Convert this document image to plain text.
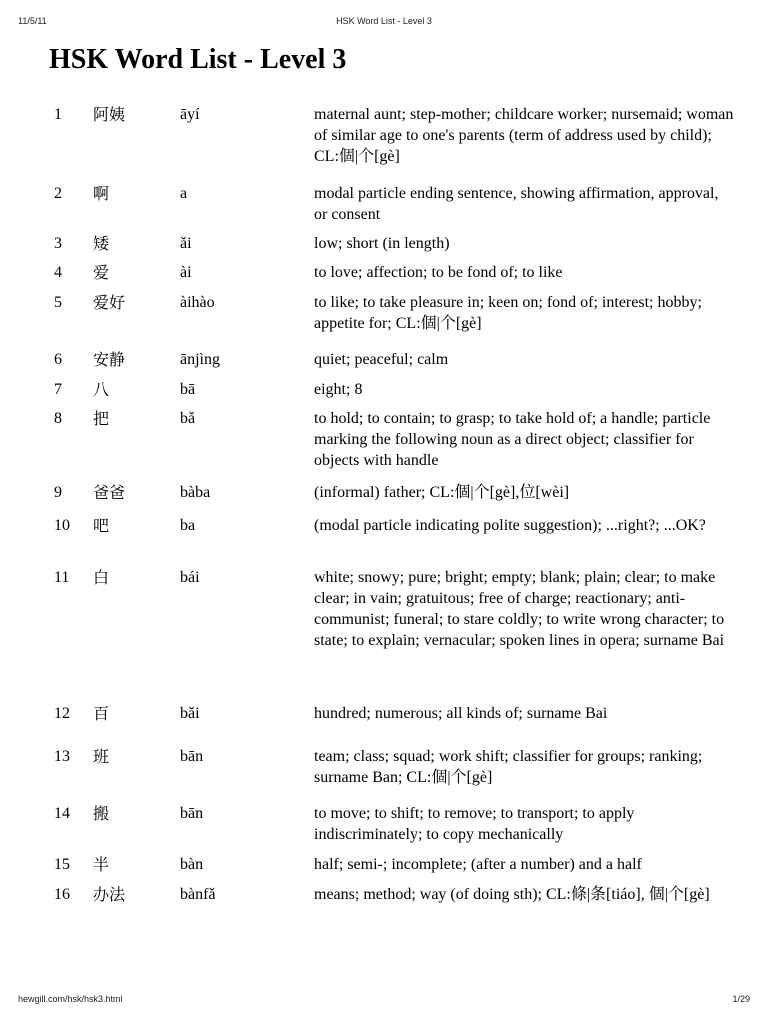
11/5/11	HSK Word List - Level 3
HSK Word List - Level 3
1 阿姨	āyí	maternal aunt; step-mother; childcare worker; nursemaid; woman of similar age to one's parents (term of address used by child); CL:個|个[gè]
2 啊	a	modal particle ending sentence, showing affirmation, approval, or consent
3 矮	ǎi	low; short (in length)
4 爱	ài	to love; affection; to be fond of; to like
5 爱好	àihào	to like; to take pleasure in; keen on; fond of; interest; hobby; appetite for; CL:個|个[gè]
6 安静	ānjìng	quiet; peaceful; calm
7 八	bā	eight; 8
8 把	bǎ	to hold; to contain; to grasp; to take hold of; a handle; particle marking the following noun as a direct object; classifier for objects with handle
9 爸爸	bàba	(informal) father; CL:個|个[gè],位[wèi]
10 吧	ba	(modal particle indicating polite suggestion); ...right?; ...OK?
11 白	bái	white; snowy; pure; bright; empty; blank; plain; clear; to make clear; in vain; gratuitous; free of charge; reactionary; anti-communist; funeral; to stare coldly; to write wrong character; to state; to explain; vernacular; spoken lines in opera; surname Bai
12 百	bǎi	hundred; numerous; all kinds of; surname Bai
13 班	bān	team; class; squad; work shift; classifier for groups; ranking; surname Ban; CL:個|个[gè]
14 搬	bān	to move; to shift; to remove; to transport; to apply indiscriminately; to copy mechanically
15 半	bàn	half; semi-; incomplete; (after a number) and a half
16 办法	bànfǎ	means; method; way (of doing sth); CL:條|条[tiáo], 個|个[gè]
hewgill.com/hsk/hsk3.html	1/29
